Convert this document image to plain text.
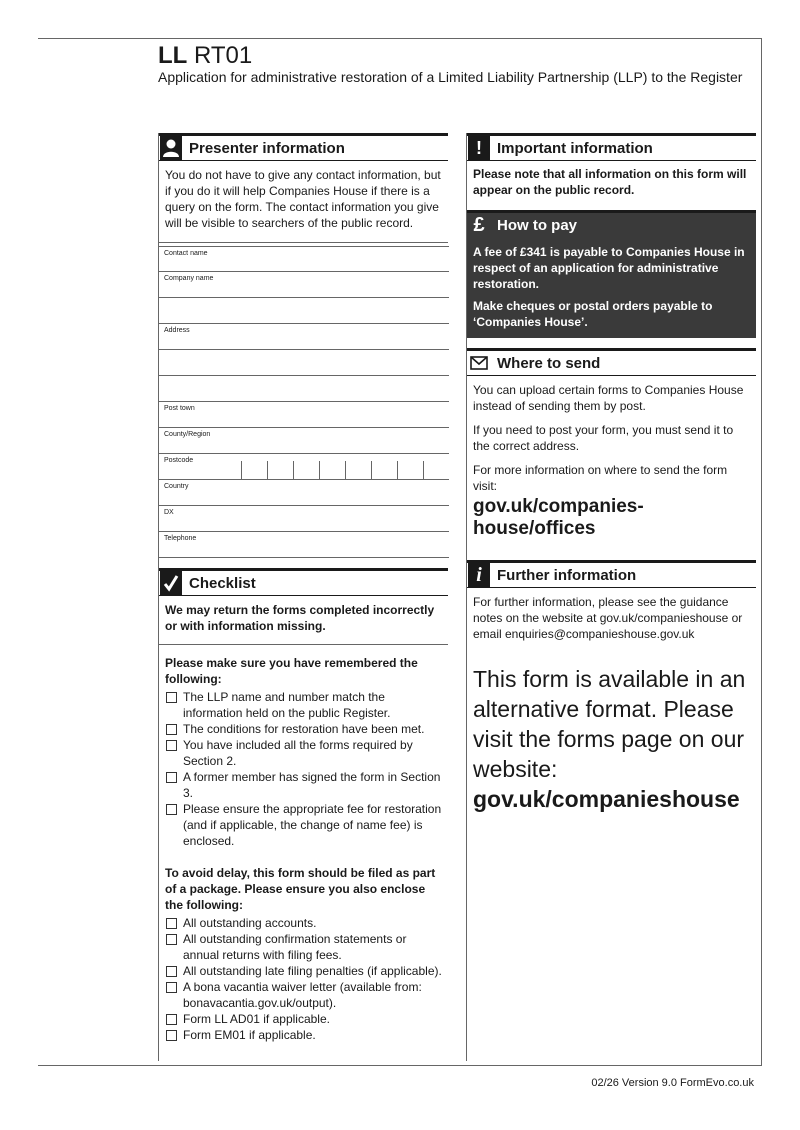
LL RT01
Application for administrative restoration of a Limited Liability Partnership (LLP) to the Register
Presenter information

You do not have to give any contact information, but if you do it will help Companies House if there is a query on the form. The contact information you give will be visible to searchers of the public record.

Contact name
Company name
Address
Post town
County/Region
Postcode
Country
DX
Telephone
Checklist

We may return the forms completed incorrectly or with information missing.

Please make sure you have remembered the following:

The LLP name and number match the information held on the public Register.
The conditions for restoration have been met.
You have included all the forms required by Section 2.
A former member has signed the form in Section 3.
Please ensure the appropriate fee for restoration (and if applicable, the change of name fee) is enclosed.

To avoid delay, this form should be filed as part of a package. Please ensure you also enclose the following:

All outstanding accounts.
All outstanding confirmation statements or annual returns with filing fees.
All outstanding late filing penalties (if applicable).
A bona vacantia waiver letter (available from: bonavacantia.gov.uk/output).
Form LL AD01 if applicable.
Form EM01 if applicable.
!	Important information

Please note that all information on this form will appear on the public record.

£ How to pay

A fee of £341 is payable to Companies House in respect of an application for administrative restoration.

Make cheques or postal orders payable to ‘Companies House’.

Where to send

You can upload certain forms to Companies House instead of sending them by post.

If you need to post your form, you must send it to the correct address.

For more information on where to send the form visit:

gov.uk/companies-house/offices

i	Further information

For further information, please see the guidance notes on the website at gov.uk/companieshouse or email enquiries@companieshouse.gov.uk

This form is available in an alternative format. Please visit the forms page on our website:
gov.uk/companieshouse
02/26 Version 9.0 FormEvo.co.uk
